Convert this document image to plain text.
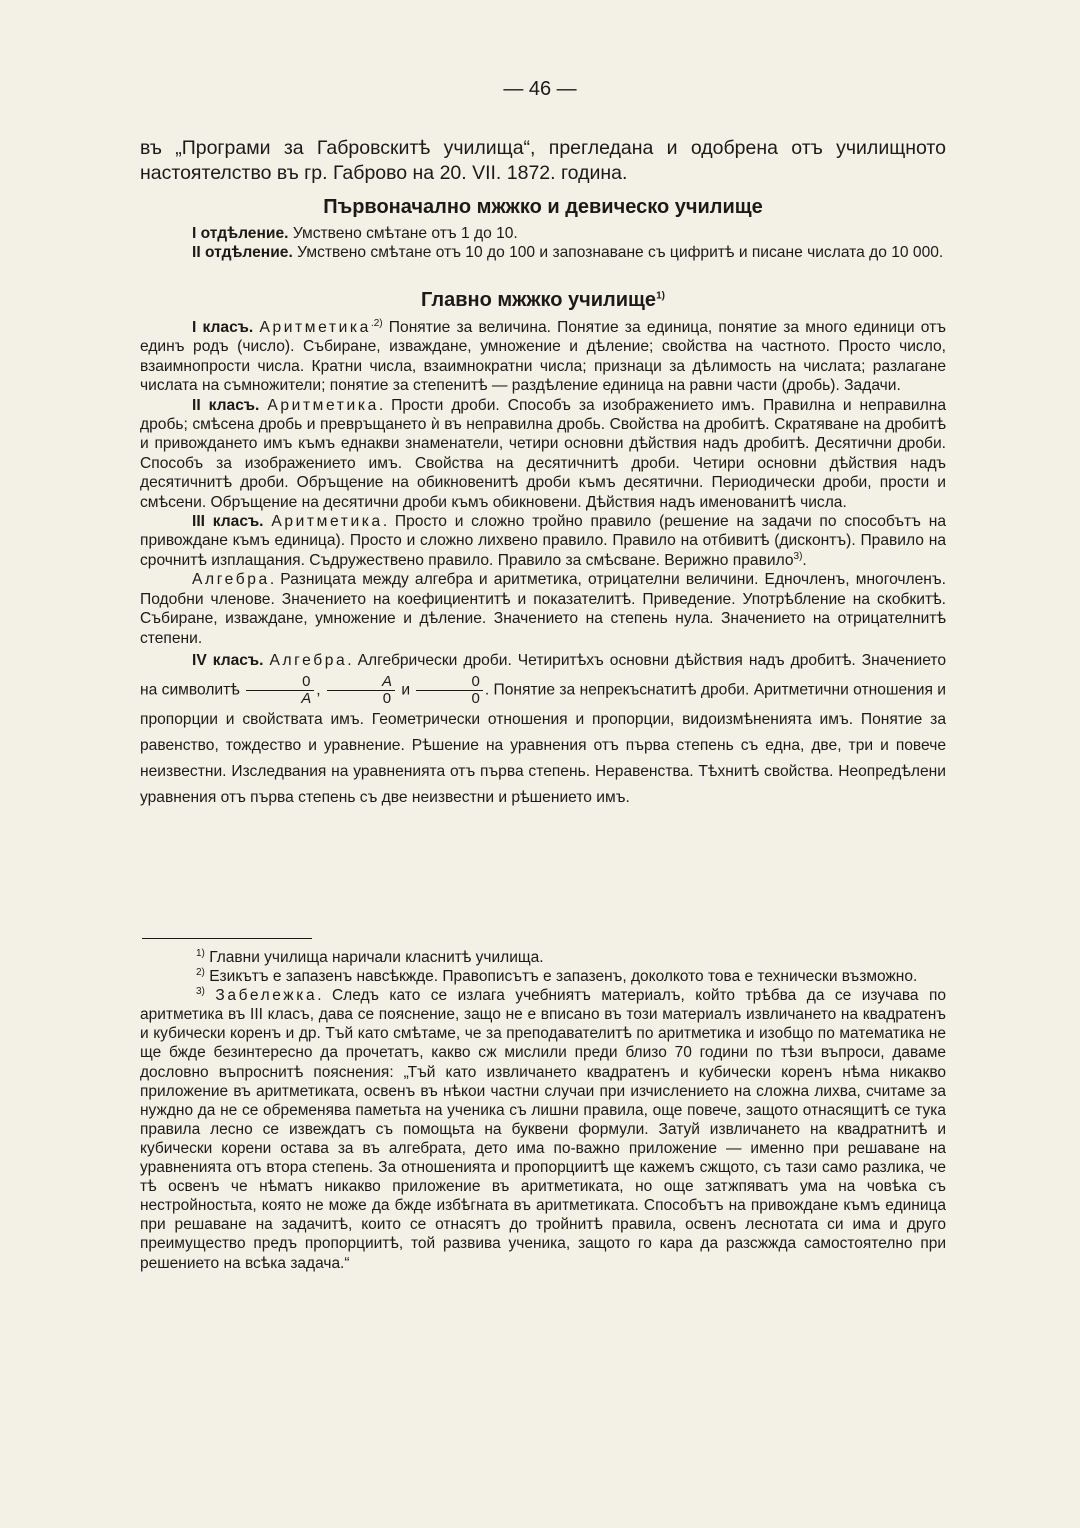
— 46 —
въ „Програми за Габровскитѣ училища“, прегледана и одобрена отъ училищното настоятелство въ гр. Габрово на 20. VII. 1872. година.
Първоначално мжжко и девическо училище

I отдѣление. Умствено смѣтане отъ 1 до 10.

II отдѣление. Умствено смѣтане отъ 10 до 100 и запознаване съ цифритѣ и писане числата до 10 000.

Главно мжжко училище$^{1)}$

I класъ. Аритметика$^{.2)}$ Понятие за величина. Понятие за единица, понятие за много единици отъ единъ родъ (число). Събиране, изваждане, умножение и дѣление; свойства на частното. Просто число, взаимнопрости числа. Кратни числа, взаимнократни числа; признаци за дѣлимость на числата; разлагане числата на съмножители; понятие за степенитѣ — раздѣление единица на равни части (дробь). Задачи.

II класъ. Аритметика. Прости дроби. Способъ за изображението имъ. Правилна и неправилна дробь; смѣсена дробь и превръщането ѝ въ неправилна дробь. Свойства на дробитѣ. Скратяване на дробитѣ и привождането имъ къмъ еднакви знаменатели, четири основни дѣйствия надъ дробитѣ. Десятични дроби. Способъ за изображението имъ. Свойства на десятичнитѣ дроби. Четири основни дѣйствия надъ десятичнитѣ дроби. Обръщение на обикновенитѣ дроби къмъ десятични. Периодически дроби, прости и смѣсени. Обръщение на десятични дроби къмъ обикновени. Дѣйствия надъ именованитѣ числа.

III класъ. Аритметика. Просто и сложно тройно правило (решение на задачи по способътъ на привождане къмъ единица). Просто и сложно лихвено правило. Правило на отбивитѣ (дисконтъ). Правило на срочнитѣ изплащания. Съдружествено правило. Правило за смѣсване. Верижно правило$^{3)}$.

Алгебра. Разницата между алгебра и аритметика, отрицателни величини. Едночленъ, многочленъ. Подобни членове. Значението на коефициентитѣ и показателитѣ. Приведение. Употрѣбление на скобкитѣ. Събиране, изваждане, умножение и дѣление. Значението на степень нула. Значението на отрицателнитѣ степени.

IV класъ. Алгебра. Алгебрически дроби. Четиритѣхъ основни дѣйствия надъ дробитѣ. Значението на символитѣ $\frac{0}{A}$ , $\frac{A}{0}$ и $\frac{0}{0}$ . Понятие за непрекъснатитѣ дроби. Аритметични отношения и пропорции и свойствата имъ. Геометрически отношения и пропорции, видоизмѣненията имъ. Понятие за равенство, тождество и уравнение. Рѣшение на уравнения отъ първа степень съ една, две, три и повече неизвестни. Изследвания на уравненията отъ първа степень. Неравенства. Тѣхнитѣ свойства. Неопредѣлени уравнения отъ първа степень съ две неизвестни и рѣшението имъ.

$^{1)}$ Главни училища наричали класнитѣ училища.

$^{2)}$ Езикътъ е запазенъ навсѣкжде. Правописътъ е запазенъ, доколкото това е технически възможно.

$^{3)}$ Забележка. Следъ като се излага учебниятъ материалъ, който трѣбва да се изучава по аритметика въ III класъ, дава се пояснение, защо не е вписано въ този материалъ извличането на квадратенъ и кубически коренъ и др. Тъй като смѣтаме, че за преподавателитѣ по аритметика и изобщо по математика не ще бжде безинтересно да прочетатъ, какво сж мислили преди близо 70 години по тѣзи въпроси, даваме дословно въпроснитѣ пояснения: „Тъй като извличането квадратенъ и кубически коренъ нѣма никакво приложение въ аритметиката, освенъ въ нѣкои частни случаи при изчислението на сложна лихва, считаме за нуждно да не се обременява паметьта на ученика съ лишни правила, още повече, защото отнасящитѣ се тука правила лесно се извеждатъ съ помощьта на буквени формули. Затуй извличането на квадратнитѣ и кубически корени остава за въ алгебрата, дето има по-важно приложение — именно при решаване на уравненията отъ втора степень. За отношенията и пропорциитѣ ще кажемъ сжщото, съ тази само разлика, че тѣ освенъ че нѣматъ никакво приложение въ аритметиката, но още затжпяватъ ума на човѣка съ нестройностьта, която не може да бжде избѣгната въ аритметиката. Способътъ на привождане къмъ единица при решаване на задачитѣ, които се отнасятъ до тройнитѣ правила, освенъ леснотата си има и друго преимущество предъ пропорциитѣ, той развива ученика, защото го кара да разсжжда самостоятелно при решението на всѣка задача.“
